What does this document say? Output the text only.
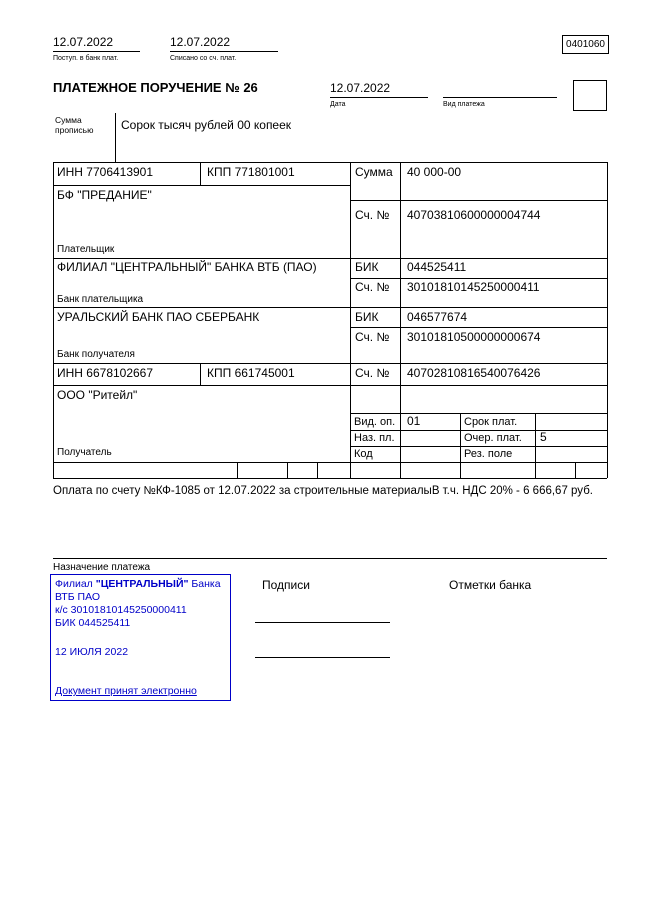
12.07.2022
Поступ. в банк плат.
12.07.2022
Списано со сч. плат.
0401060
ПЛАТЕЖНОЕ ПОРУЧЕНИЕ № 26	12.07.2022
Дата	Вид платежа
Сумма прописью	Сорок тысяч рублей 00 копеек
ИНН 7706413901	КПП 771801001	Сумма 40 000-00
БФ "ПРЕДАНИЕ"
Сч. № 40703810600000004744
Плательщик
ФИЛИАЛ "ЦЕНТРАЛЬНЫЙ" БАНКА ВТБ (ПАО)	БИК 044525411
Сч. № 30101810145250000411
Банк плательщика
УРАЛЬСКИЙ БАНК ПАО СБЕРБАНК	БИК 046577674
Сч. № 30101810500000000674
Банк получателя
ИНН 6678102667	КПП 661745001	Сч. № 40702810816540076426
ООО "Ритейл"
Вид. оп. 01	Срок плат.
Наз. пл.	Очер. плат. 5
Код	Рез. поле
Получатель
Оплата по счету №КФ-1085 от 12.07.2022 за строительные материалыВ т.ч. НДС 20% - 6 666,67 руб.
Назначение платежа
Подписи	Отметки банка
Филиал "ЦЕНТРАЛЬНЫЙ" Банка
ВТБ ПАО
к/с 30101810145250000411
БИК 044525411
12 ИЮЛЯ 2022
Документ принят электронно
